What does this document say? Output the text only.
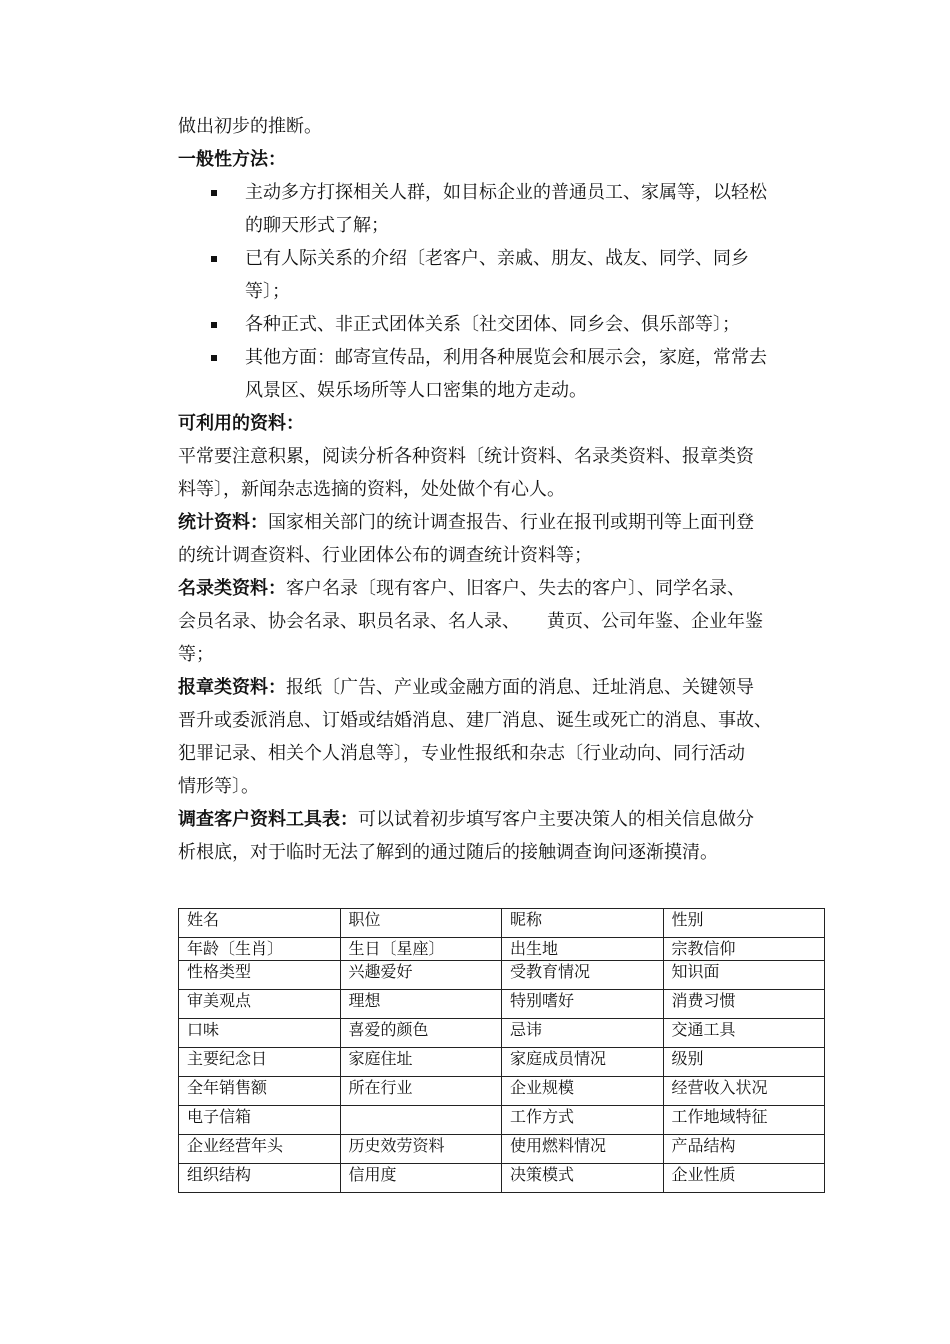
做出初步的推断。

一般性方法：

主动多方打探相关人群，如目标企业的普通员工、家属等，以轻松
的聊天形式了解；
已有人际关系的介绍〔老客户、亲戚、朋友、战友、同学、同乡
等〕；
各种正式、非正式团体关系〔社交团体、同乡会、俱乐部等〕；
其他方面：邮寄宣传品，利用各种展览会和展示会，家庭，常常去
风景区、娱乐场所等人口密集的地方走动。

可利用的资料：

平常要注意积累，阅读分析各种资料〔统计资料、名录类资料、报章类资

料等〕，新闻杂志选摘的资料，处处做个有心人。

统计资料：国家相关部门的统计调查报告、行业在报刊或期刊等上面刊登

的统计调查资料、行业团体公布的调查统计资料等；

名录类资料：客户名录〔现有客户、旧客户、失去的客户〕、同学名录、

会员名录、协会名录、职员名录、名人录、　　黄页、公司年鉴、企业年鉴

等；

报章类资料：报纸〔广告、产业或金融方面的消息、迁址消息、关键领导

晋升或委派消息、订婚或结婚消息、建厂消息、诞生或死亡的消息、事故、

犯罪记录、相关个人消息等〕，专业性报纸和杂志〔行业动向、同行活动

情形等〕。

调查客户资料工具表：可以试着初步填写客户主要决策人的相关信息做分

析根底，对于临时无法了解到的通过随后的接触调查询问逐渐摸清。

姓名	职位	昵称	性别
年龄〔生肖〕	生日〔星座〕	出生地	宗教信仰
性格类型	兴趣爱好	受教育情况	知识面
审美观点	理想	特别嗜好	消费习惯
口味	喜爱的颜色	忌讳	交通工具
主要纪念日	家庭住址	家庭成员情况	级别
全年销售额	所在行业	企业规模	经营收入状况
电子信箱		工作方式	工作地域特征
企业经营年头	历史效劳资料	使用燃料情况	产品结构
组织结构	信用度	决策模式	企业性质
